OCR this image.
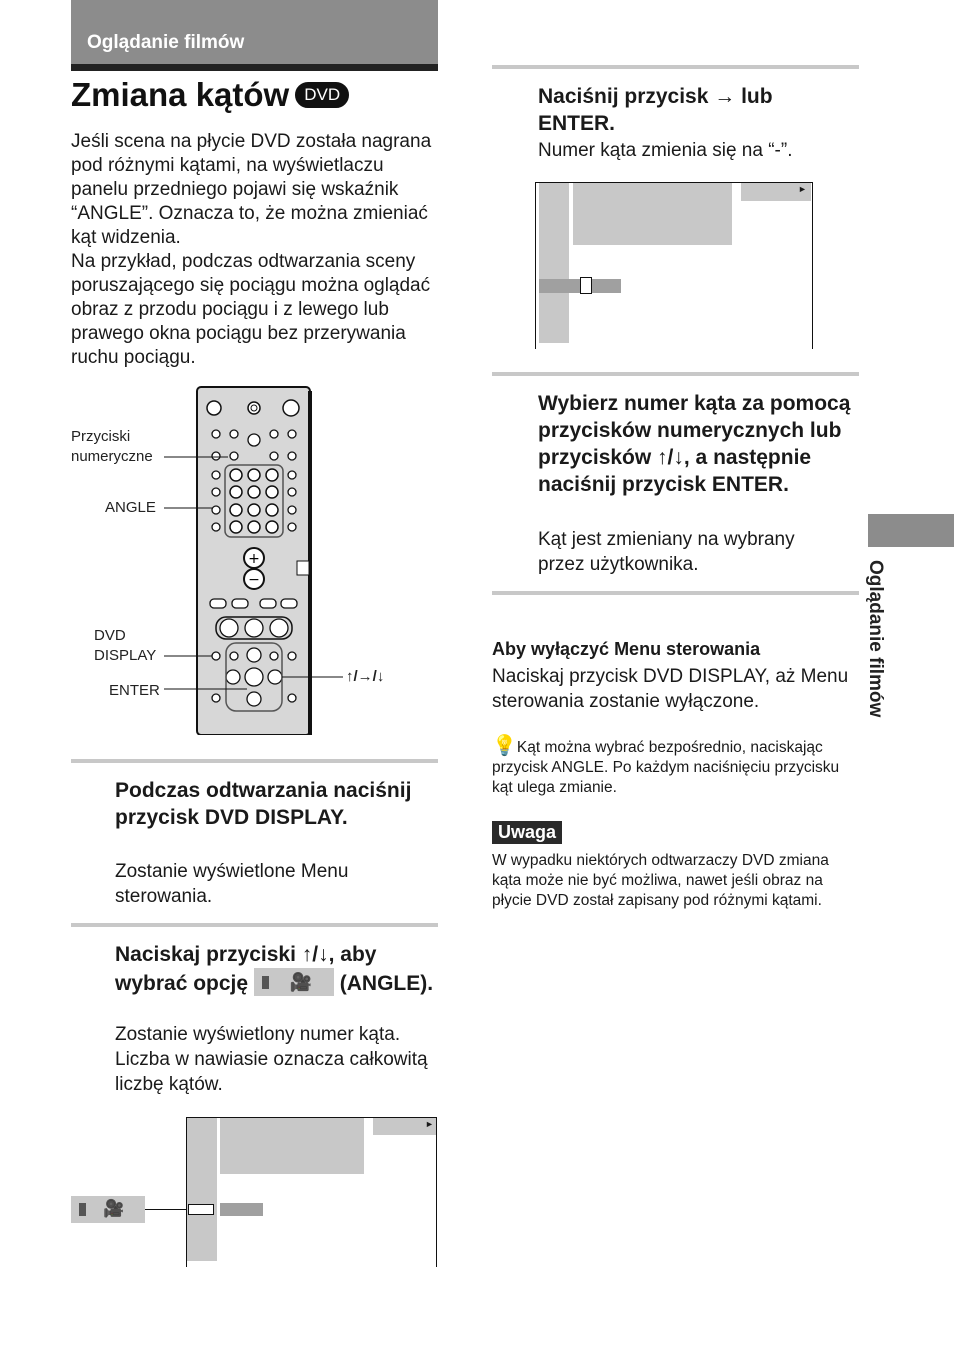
Oglądanie filmów
Zmiana kątów DVD

Jeśli scena na płycie DVD została nagrana pod różnymi kątami, na wyświetlaczu panelu przedniego pojawi się wskaźnik “ANGLE”. Oznacza to, że można zmieniać kąt widzenia.

Na przykład, podczas odtwarzania sceny poruszającego się pociągu można oglądać obraz z przodu pociągu i z lewego lub prawego okna pociągu bez przerywania ruchu pociągu.

Przyciski
numeryczne
ANGLE
DVD
DISPLAY
ENTER
↑/→/↓
+
−
Podczas odtwarzania naciśnij przycisk DVD DISPLAY.
Zostanie wyświetlone Menu sterowania.
Naciskaj przyciski ↑/↓, aby wybrać opcję 🎥 (ANGLE).
Zostanie wyświetlony numer kąta. Liczba w nawiasie oznacza całkowitą liczbę kątów.
►
🎥
Naciśnij przycisk → lub ENTER.
Numer kąta zmienia się na “-”.
►
Wybierz numer kąta za pomocą przycisków numerycznych lub przycisków ↑/↓, a następnie naciśnij przycisk ENTER.
Kąt jest zmieniany na wybrany przez użytkownika.
Aby wyłączyć Menu sterowania
Naciskaj przycisk DVD DISPLAY, aż Menu sterowania zostanie wyłączone.
💡Kąt można wybrać bezpośrednio, naciskając przycisk ANGLE. Po każdym naciśnięciu przycisku kąt ulega zmianie.
Uwaga
W wypadku niektórych odtwarzaczy DVD zmiana kąta może nie być możliwa, nawet jeśli obraz na płycie DVD został zapisany pod różnymi kątami.
Oglądanie filmów
